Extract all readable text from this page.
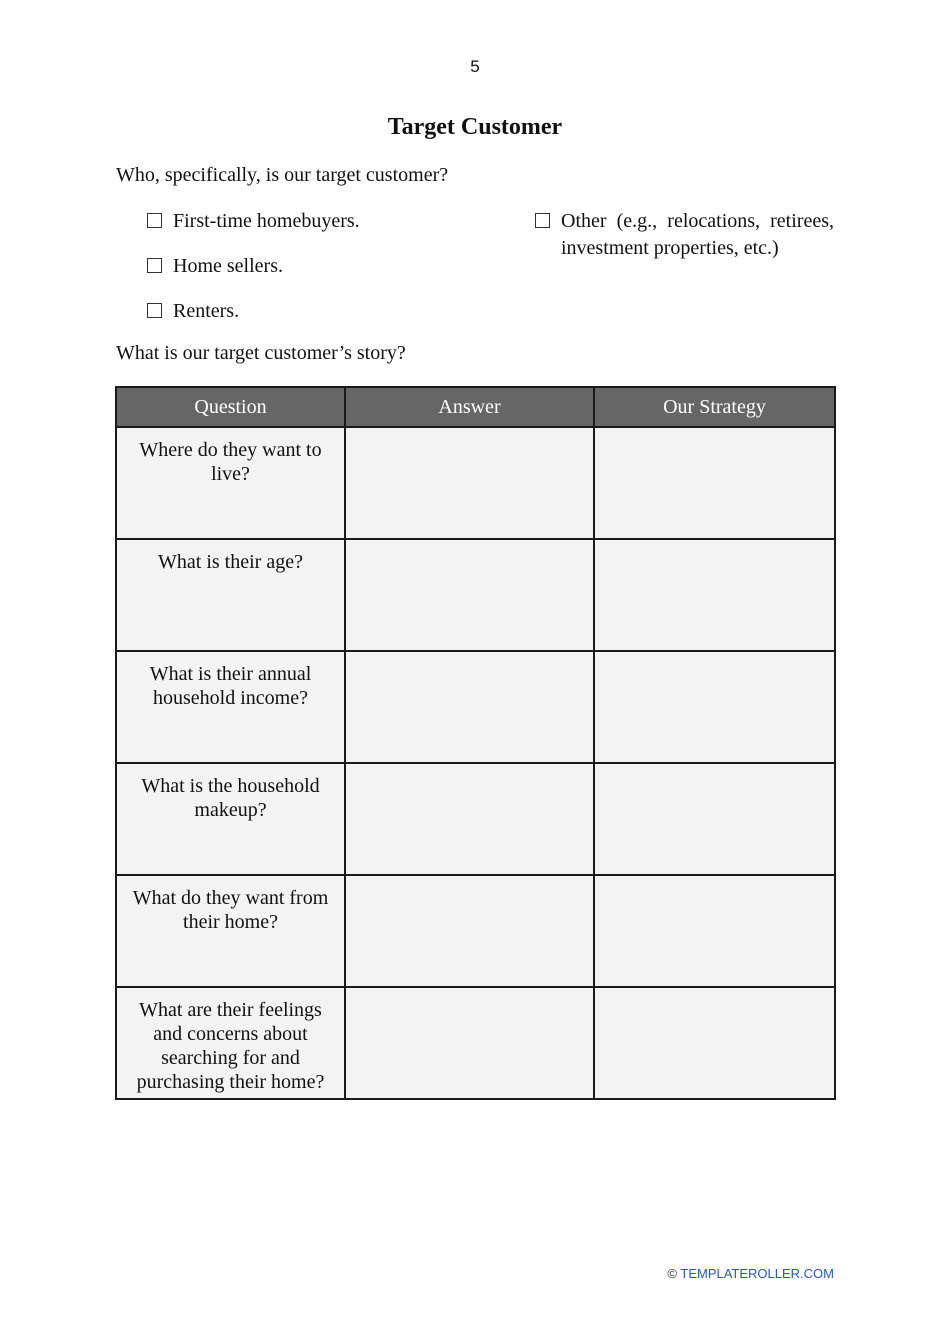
5
Target Customer
Who, specifically, is our target customer?
First-time homebuyers.
Home sellers.
Renters.
Other (e.g., relocations, retirees, investment properties, etc.)
What is our target customer’s story?
Question	Answer	Our Strategy

Where do they want to live?		

What is their age?		

What is their annual household income?		

What is the household makeup?		

What do they want from their home?		

What are their feelings and concerns about searching for and purchasing their home?		

© TEMPLATEROLLER.COM
